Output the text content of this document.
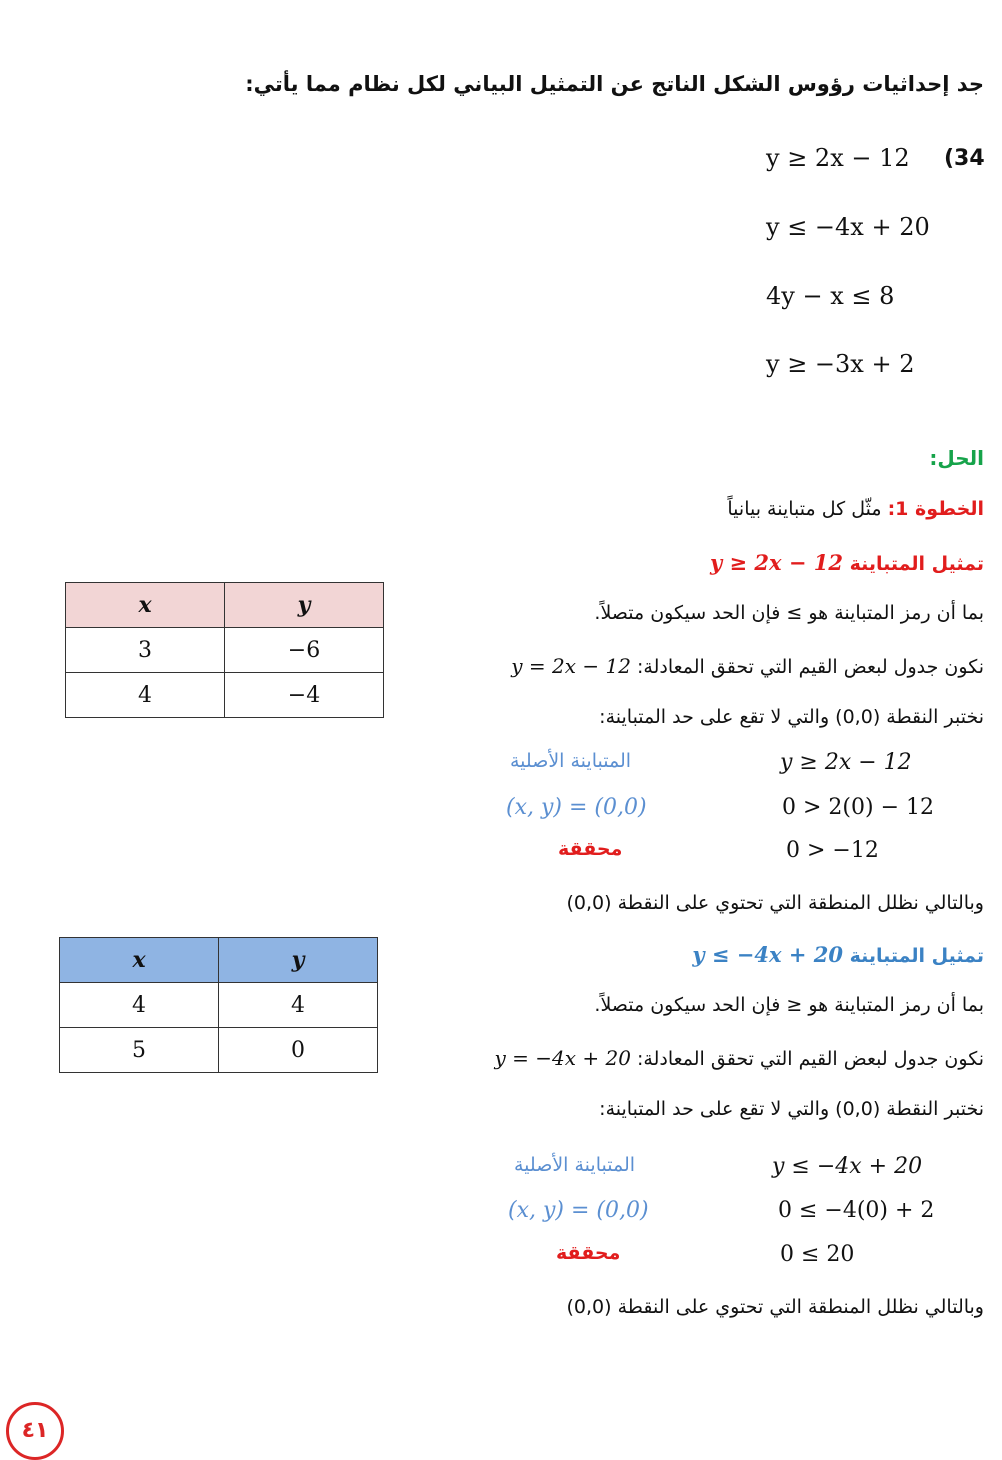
جد إحداثيات رؤوس الشكل الناتج عن التمثيل البياني لكل نظام مما يأتي:
(34
y ≥ 2x − 12
y ≤ −4x + 20
4y − x ≤ 8
y ≥ −3x + 2
الحل:
الخطوة 1: مثّل كل متباينة بيانياً
تمثيل المتباينة y ≥ 2x − 12
بما أن رمز المتباينة هو ≥ فإن الحد سيكون متصلاً.
نكون جدول لبعض القيم التي تحقق المعادلة: y = 2x − 12
نختبر النقطة (0,0) والتي لا تقع على حد المتباينة:
المتباينة الأصلية	y ≥ 2x − 12
(x, y) = (0,0)	0 > 2(0) − 12
محققة	0 > −12
وبالتالي نظلل المنطقة التي تحتوي على النقطة (0,0)
x	y
3	−6
4	−4
تمثيل المتباينة y ≤ −4x + 20
بما أن رمز المتباينة هو ≤ فإن الحد سيكون متصلاً.
نكون جدول لبعض القيم التي تحقق المعادلة: y = −4x + 20
نختبر النقطة (0,0) والتي لا تقع على حد المتباينة:
المتباينة الأصلية	y ≤ −4x + 20
(x, y) = (0,0)	0 ≤ −4(0) + 2
محققة	0 ≤ 20
وبالتالي نظلل المنطقة التي تحتوي على النقطة (0,0)
x	y
4	4
5	0
٤١
